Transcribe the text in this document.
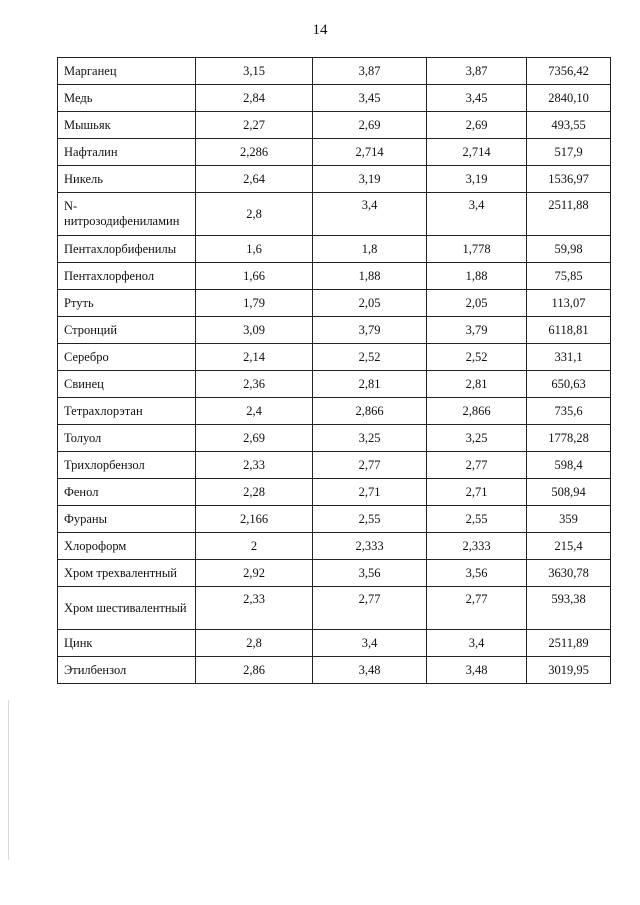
14
Марганец	3,15	3,87	3,87	7356,42
Медь	2,84	3,45	3,45	2840,10
Мышьяк	2,27	2,69	2,69	493,55
Нафталин	2,286	2,714	2,714	517,9
Никель	2,64	3,19	3,19	1536,97
N-нитрозодифениламин	2,8	3,4	3,4	2511,88
Пентахлорбифенилы	1,6	1,8	1,778	59,98
Пентахлорфенол	1,66	1,88	1,88	75,85
Ртуть	1,79	2,05	2,05	113,07
Стронций	3,09	3,79	3,79	6118,81
Серебро	2,14	2,52	2,52	331,1
Свинец	2,36	2,81	2,81	650,63
Тетрахлорэтан	2,4	2,866	2,866	735,6
Толуол	2,69	3,25	3,25	1778,28
Трихлорбензол	2,33	2,77	2,77	598,4
Фенол	2,28	2,71	2,71	508,94
Фураны	2,166	2,55	2,55	359
Хлороформ	2	2,333	2,333	215,4
Хром трехвалентный	2,92	3,56	3,56	3630,78
Хром шестивалентный	2,33	2,77	2,77	593,38
Цинк	2,8	3,4	3,4	2511,89
Этилбензол	2,86	3,48	3,48	3019,95
